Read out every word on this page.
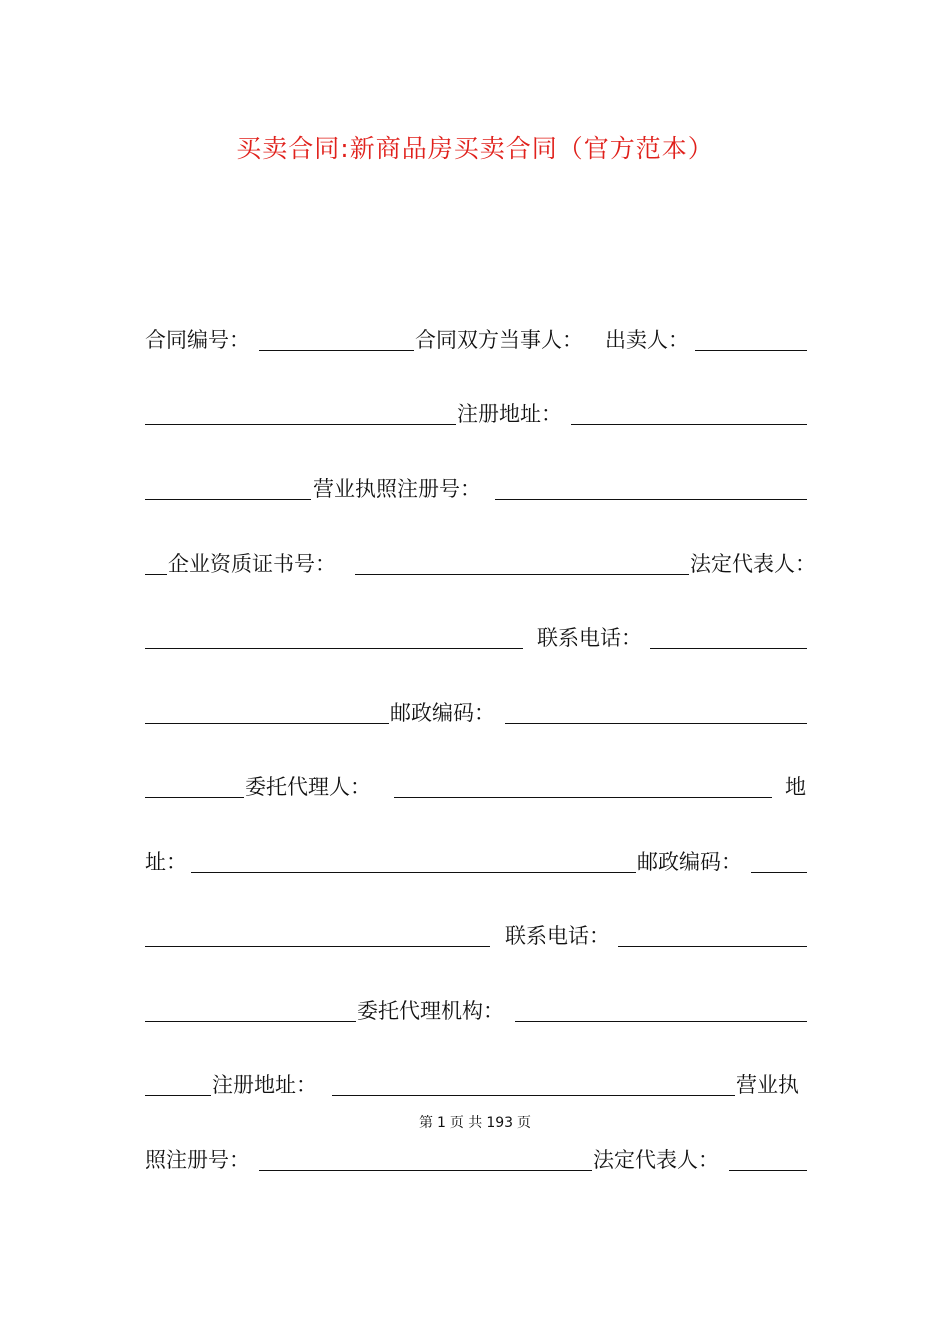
买卖合同:新商品房买卖合同（官方范本）
合同编号：	合同双方当事人： 出卖人：
注册地址：
营业执照注册号：
企业资质证书号：	法定代表人：
联系电话：
邮政编码：
委托代理人：	地
址：	邮政编码：
联系电话：
委托代理机构：
注册地址：	营业执
第 1 页 共 193 页
照注册号：	法定代表人：
